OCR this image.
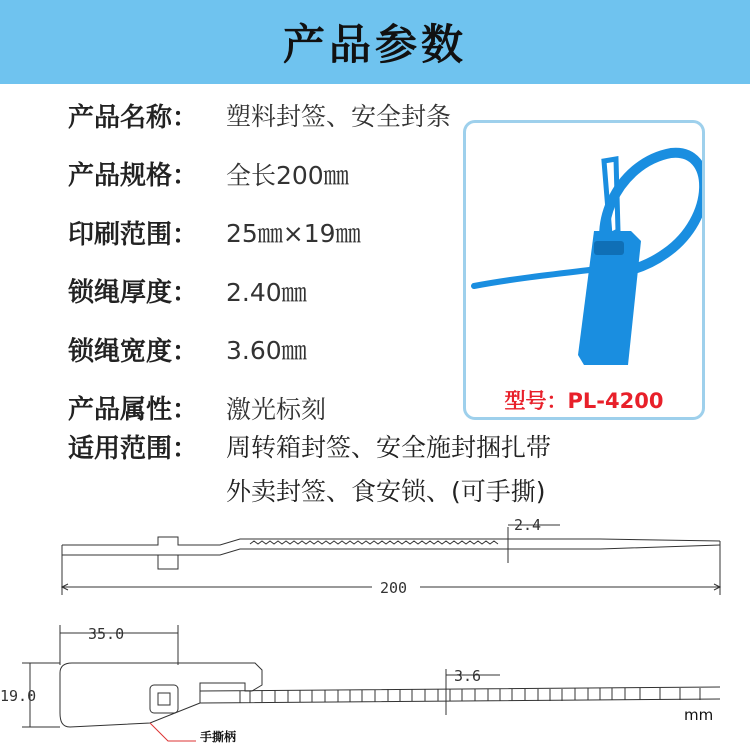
产品参数
产品名称：	塑料封签、安全封条
产品规格：	全长200㎜
印刷范围：	25㎜×19㎜
锁绳厚度：	2.40㎜
锁绳宽度：	3.60㎜
产品属性：	激光标刻
适用范围： 周转箱封签、安全施封捆扎带
外卖封签、食安锁、(可手撕)
型号：PL-4200
2.4
200
35.0
19.0
3.6
手撕柄
mm
